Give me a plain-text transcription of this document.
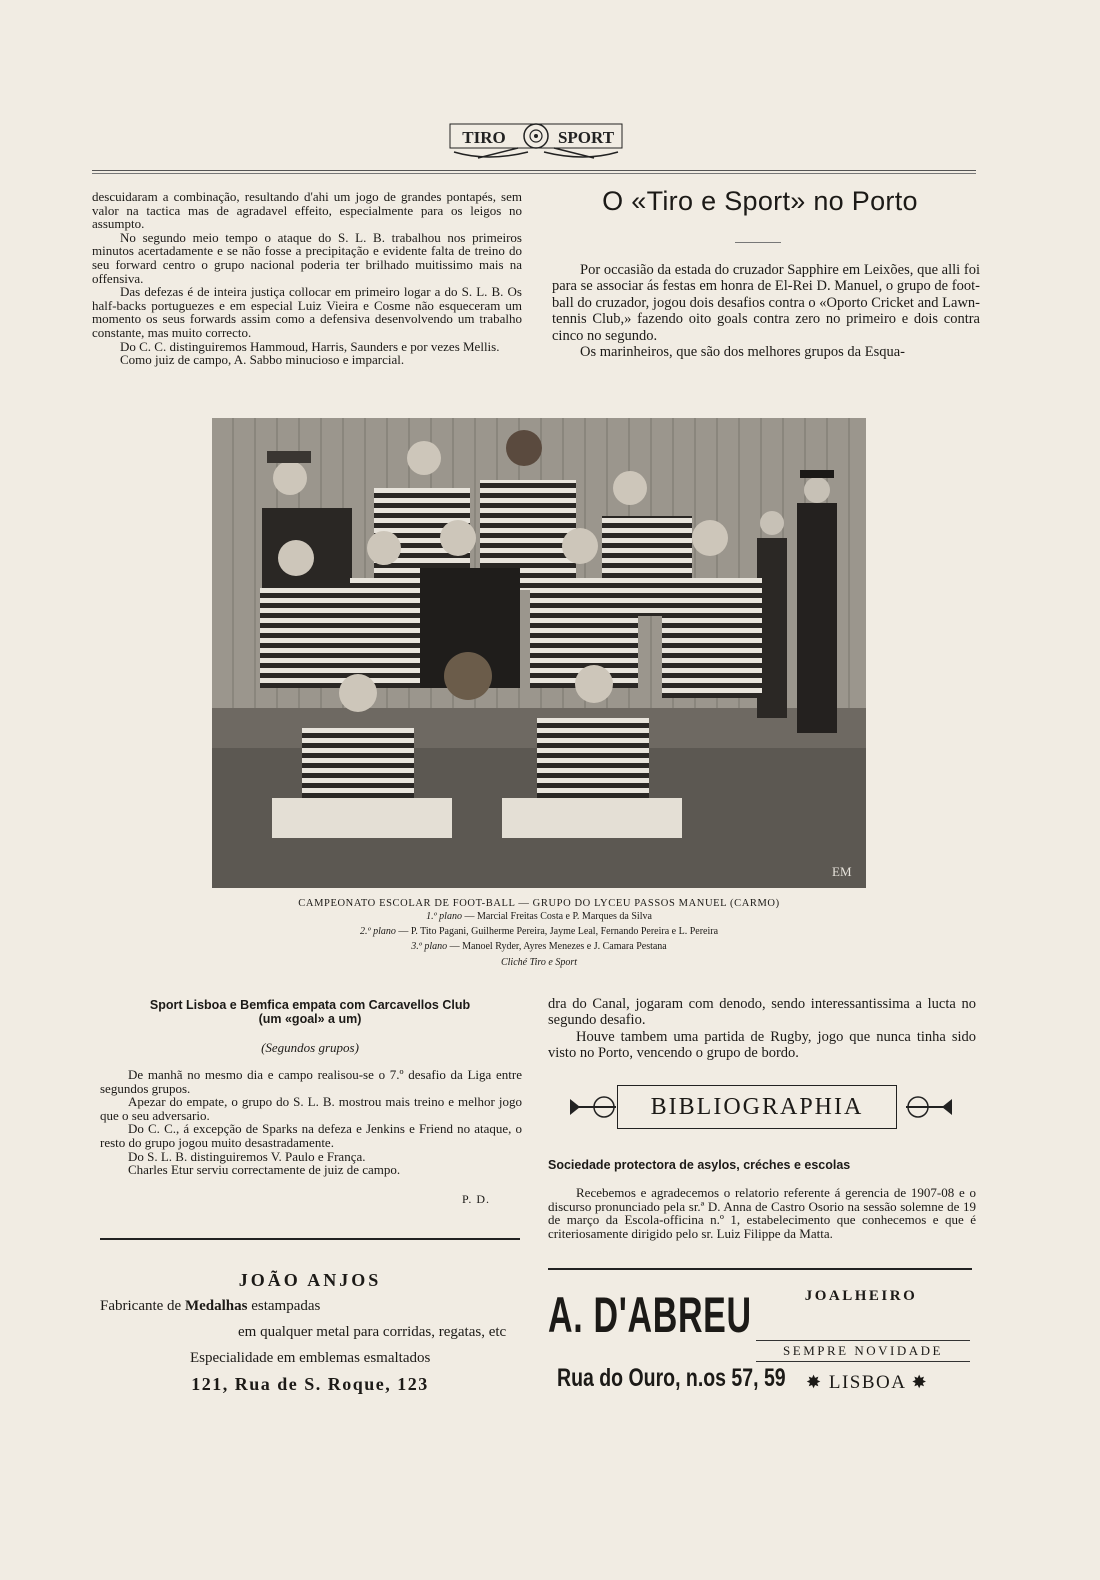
TIRO	SPORT

descuidaram a combinação, resultando d'ahi um jogo de grandes pontapés, sem valor na tactica mas de agradavel effeito, especialmente para os leigos no assumpto.

No segundo meio tempo o ataque do S. L. B. trabalhou nos primeiros minutos acertadamente e se não fosse a precipitação e evidente falta de treino do seu forward centro o grupo nacional poderia ter brilhado muitissimo mais na offensiva.

Das defezas é de inteira justiça collocar em primeiro logar a do S. L. B. Os half-backs portuguezes e em especial Luiz Vieira e Cosme não esqueceram um momento os seus forwards assim como a defensiva desenvolvendo um trabalho constante, mas muito correcto.

Do C. C. distinguiremos Hammoud, Harris, Saunders e por vezes Mellis.

Como juiz de campo, A. Sabbo minucioso e imparcial.

O «Tiro e Sport» no Porto

Por occasião da estada do cruzador Sapphire em Leixões, que alli foi para se associar ás festas em honra de El-Rei D. Manuel, o grupo de foot-ball do cruzador, jogou dois desafios contra o «Oporto Cricket and Lawn-tennis Club,» fazendo oito goals contra zero no primeiro e dois contra cinco no segundo.

Os marinheiros, que são dos melhores grupos da Esqua-

EM
CAMPEONATO ESCOLAR DE FOOT-BALL — GRUPO DO LYCEU PASSOS MANUEL (CARMO)
1.º plano — Marcial Freitas Costa e P. Marques da Silva
2.º plano — P. Tito Pagani, Guilherme Pereira, Jayme Leal, Fernando Pereira e L. Pereira
3.º plano — Manoel Ryder, Ayres Menezes e J. Camara Pestana
Cliché Tiro e Sport
Sport Lisboa e Bemfica empata com Carcavellos Club
(um «goal» a um)
(Segundos grupos)

De manhã no mesmo dia e campo realisou-se o 7.º desafio da Liga entre segundos grupos.

Apezar do empate, o grupo do S. L. B. mostrou mais treino e melhor jogo que o seu adversario.

Do C. C., á excepção de Sparks na defeza e Jenkins e Friend no ataque, o resto do grupo jogou muito desastradamente.

Do S. L. B. distinguiremos V. Paulo e França.

Charles Etur serviu correctamente de juiz de campo.

P. D.

dra do Canal, jogaram com denodo, sendo interessantissima a lucta no segundo desafio.

Houve tambem uma partida de Rugby, jogo que nunca tinha sido visto no Porto, vencendo o grupo de bordo.

BIBLIOGRAPHIA
Sociedade protectora de asylos, créches e escolas

Recebemos e agradecemos o relatorio referente á gerencia de 1907-08 e o discurso pronunciado pela sr.ª D. Anna de Castro Osorio na sessão solemne de 19 de março da Escola-officina n.º 1, estabelecimento que conhecemos e que é criteriosamente dirigido pelo sr. Luiz Filippe da Matta.

JOÃO ANJOS
Fabricante de Medalhas estampadas
em qualquer metal para corridas, regatas, etc
Especialidade em emblemas esmaltados
121, Rua de S. Roque, 123
A. D'ABREU	JOALHEIRO
SEMPRE NOVIDADE
Rua do Ouro, n.os 57, 59 ✸ LISBOA ✸
